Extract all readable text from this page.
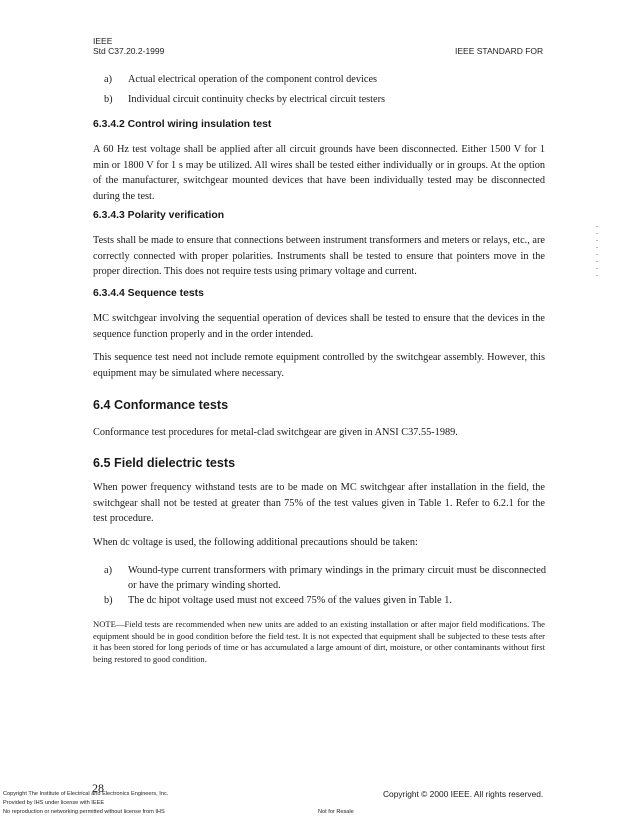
IEEE
Std C37.20.2-1999	IEEE STANDARD FOR
a) Actual electrical operation of the component control devices
b) Individual circuit continuity checks by electrical circuit testers
6.3.4.2 Control wiring insulation test
A 60 Hz test voltage shall be applied after all circuit grounds have been disconnected. Either 1500 V for 1 min or 1800 V for 1 s may be utilized. All wires shall be tested either individually or in groups. At the option of the manufacturer, switchgear mounted devices that have been individually tested may be disconnected during the test.
6.3.4.3 Polarity verification
Tests shall be made to ensure that connections between instrument transformers and meters or relays, etc., are correctly connected with proper polarities. Instruments shall be tested to ensure that pointers move in the proper direction. This does not require tests using primary voltage and current.
6.3.4.4 Sequence tests
MC switchgear involving the sequential operation of devices shall be tested to ensure that the devices in the sequence function properly and in the order intended.
This sequence test need not include remote equipment controlled by the switchgear assembly. However, this equipment may be simulated where necessary.
6.4 Conformance tests
Conformance test procedures for metal-clad switchgear are given in ANSI C37.55-1989.
6.5 Field dielectric tests
When power frequency withstand tests are to be made on MC switchgear after installation in the field, the switchgear shall not be tested at greater than 75% of the test values given in Table 1. Refer to 6.2.1 for the test procedure.
When dc voltage is used, the following additional precautions should be taken:
a) Wound-type current transformers with primary windings in the primary circuit must be disconnected or have the primary winding shorted.
b) The dc hipot voltage used must not exceed 75% of the values given in Table 1.
NOTE—Field tests are recommended when new units are added to an existing installation or after major field modifications. The equipment should be in good condition before the field test. It is not expected that equipment shall be subjected to these tests after it has been stored for long periods of time or has accumulated a large amount of dirt, moisture, or other contaminants without first being restored to good condition.
28	Copyright © 2000 IEEE. All rights reserved.
Copyright The Institute of Electrical and Electronics Engineers, Inc.
Provided by IHS under license with IEEE
No reproduction or networking permitted without license from IHS	Not for Resale
